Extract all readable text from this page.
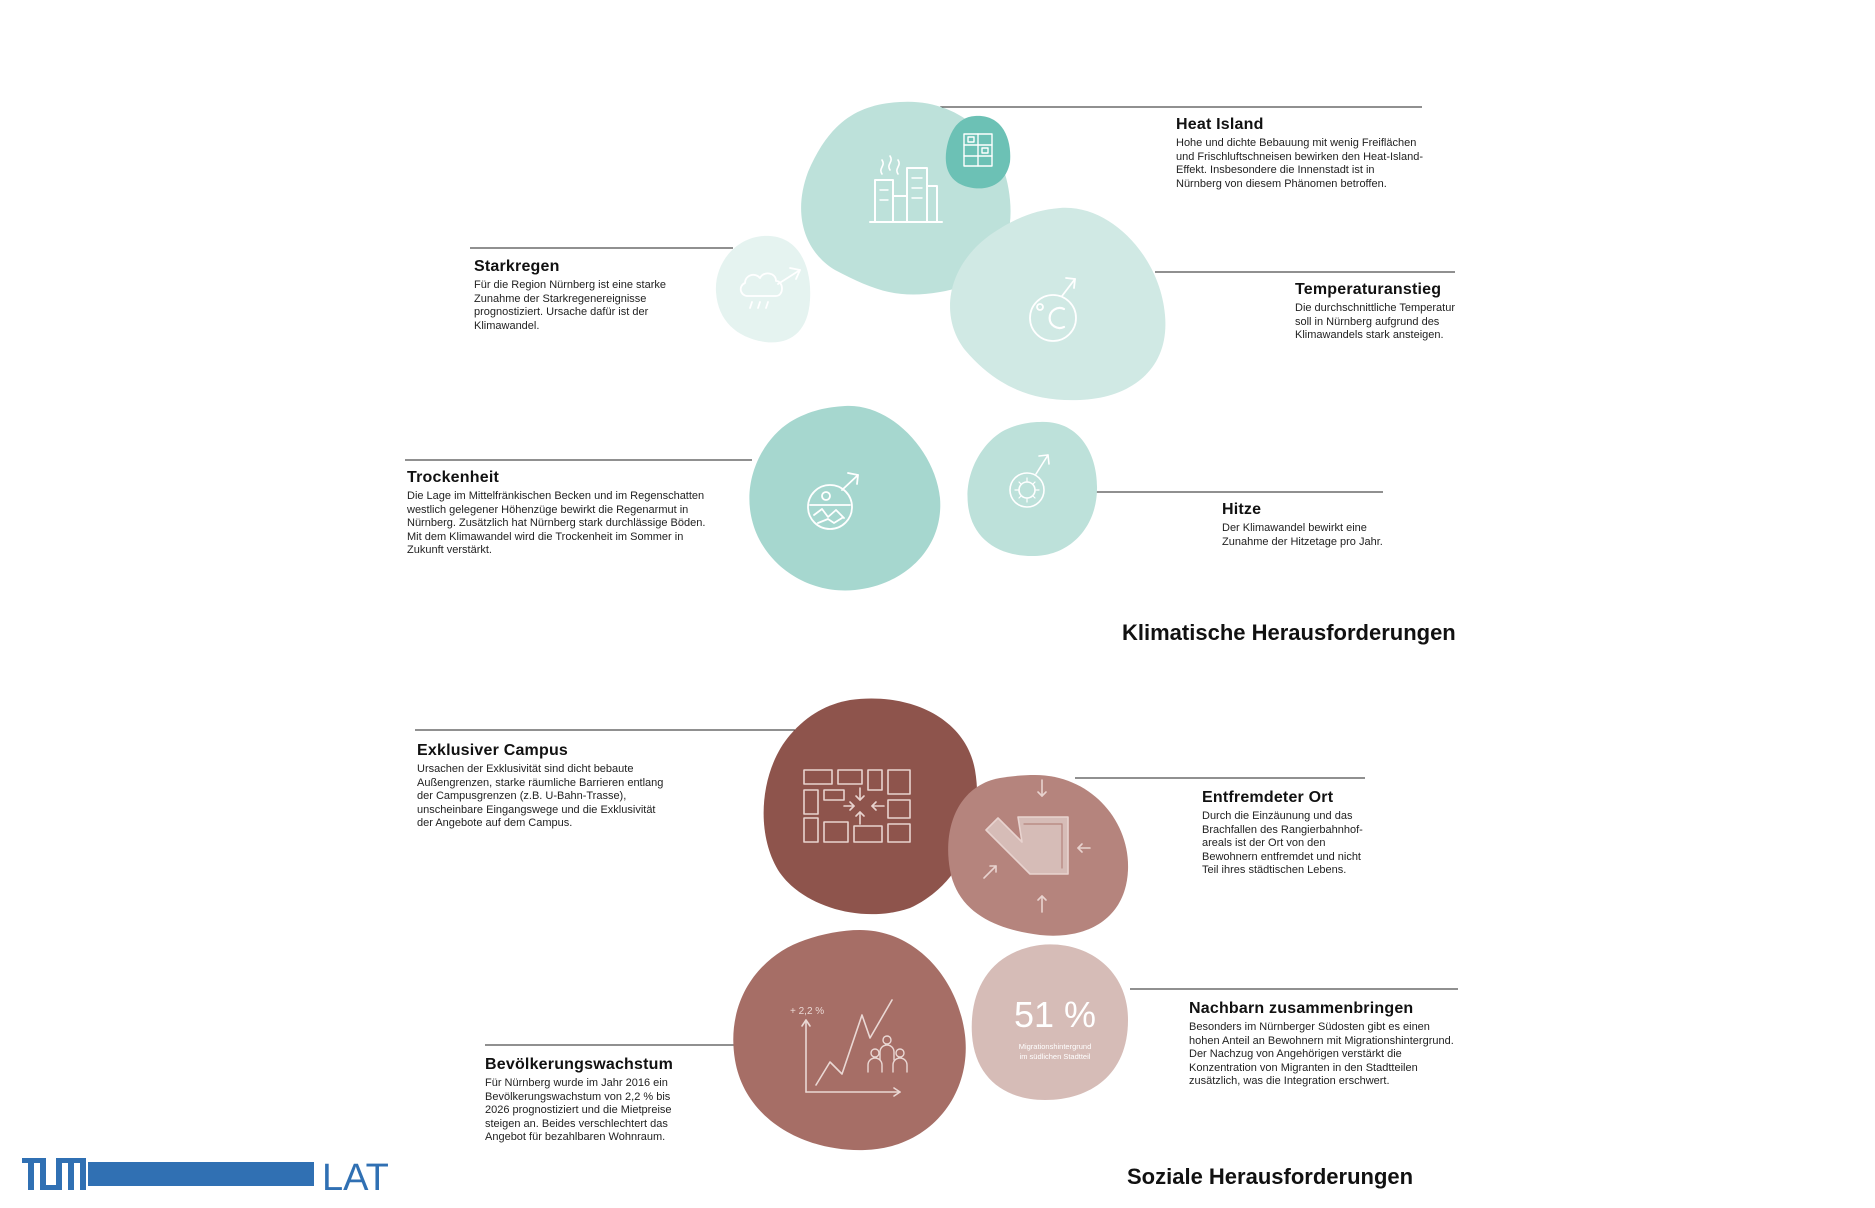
+ 2,2 %	51 %
Migrationshintergrund
im südlichen Stadtteil
Heat Island

Hohe und dichte Bebauung mit wenig Freiflächen
und Frischluftschneisen bewirken den Heat-Island-
Effekt. Insbesondere die Innenstadt ist in
Nürnberg von diesem Phänomen betroffen.

Starkregen

Für die Region Nürnberg ist eine starke
Zunahme der Starkregenereignisse
prognostiziert. Ursache dafür ist der
Klimawandel.

Temperaturanstieg

Die durchschnittliche Temperatur
soll in Nürnberg aufgrund des
Klimawandels stark ansteigen.

Trockenheit

Die Lage im Mittelfränkischen Becken und im Regenschatten
westlich gelegener Höhenzüge bewirkt die Regenarmut in
Nürnberg. Zusätzlich hat Nürnberg stark durchlässige Böden.
Mit dem Klimawandel wird die Trockenheit im Sommer in
Zukunft verstärkt.

Hitze

Der Klimawandel bewirkt eine
Zunahme der Hitzetage pro Jahr.

Klimatische Herausforderungen
Exklusiver Campus

Ursachen der Exklusivität sind dicht bebaute
Außengrenzen, starke räumliche Barrieren entlang
der Campusgrenzen (z.B. U-Bahn-Trasse),
unscheinbare Eingangswege und die Exklusivität
der Angebote auf dem Campus.

Entfremdeter Ort

Durch die Einzäunung und das
Brachfallen des Rangierbahnhof-
areals ist der Ort von den
Bewohnern entfremdet und nicht
Teil ihres städtischen Lebens.

Nachbarn zusammenbringen

Besonders im Nürnberger Südosten gibt es einen
hohen Anteil an Bewohnern mit Migrationshintergrund.
Der Nachzug von Angehörigen verstärkt die
Konzentration von Migranten in den Stadtteilen
zusätzlich, was die Integration erschwert.

Bevölkerungswachstum

Für Nürnberg wurde im Jahr 2016 ein
Bevölkerungswachstum von 2,2 % bis
2026 prognostiziert und die Mietpreise
steigen an. Beides verschlechtert das
Angebot für bezahlbaren Wohnraum.

Soziale Herausforderungen
LAT
